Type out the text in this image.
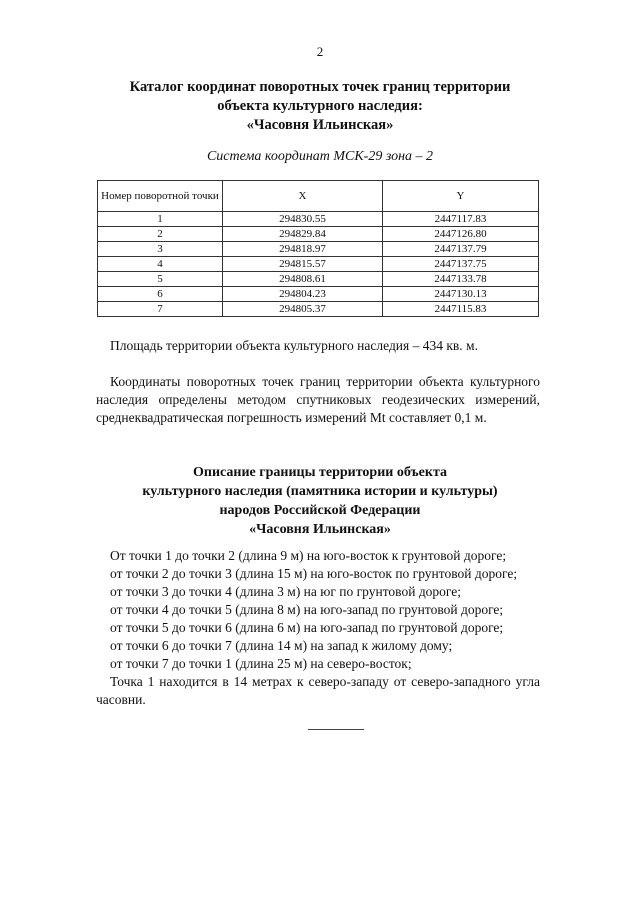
2
Каталог координат поворотных точек границ территории
объекта культурного наследия:
«Часовня Ильинская»
Система координат МСК-29 зона – 2
Номер поворотной точки	X	Y
1	294830.55	2447117.83
2	294829.84	2447126.80
3	294818.97	2447137.79
4	294815.57	2447137.75
5	294808.61	2447133.78
6	294804.23	2447130.13
7	294805.37	2447115.83
Площадь территории объекта культурного наследия – 434 кв. м.
Координаты поворотных точек границ территории объекта культурного наследия определены методом спутниковых геодезических измерений, среднеквадратическая погрешность измерений Mt составляет 0,1 м.
Описание границы территории объекта
культурного наследия (памятника истории и культуры)
народов Российской Федерации
«Часовня Ильинская»
От точки 1 до точки 2 (длина 9 м) на юго-восток к грунтовой дороге;
от точки 2 до точки 3 (длина 15 м) на юго-восток по грунтовой дороге;
от точки 3 до точки 4 (длина 3 м) на юг по грунтовой дороге;
от точки 4 до точки 5 (длина 8 м) на юго-запад по грунтовой дороге;
от точки 5 до точки 6 (длина 6 м) на юго-запад по грунтовой дороге;
от точки 6 до точки 7 (длина 14 м) на запад к жилому дому;
от точки 7 до точки 1 (длина 25 м) на северо-восток;
Точка 1 находится в 14 метрах к северо-западу от северо-западного угла часовни.
